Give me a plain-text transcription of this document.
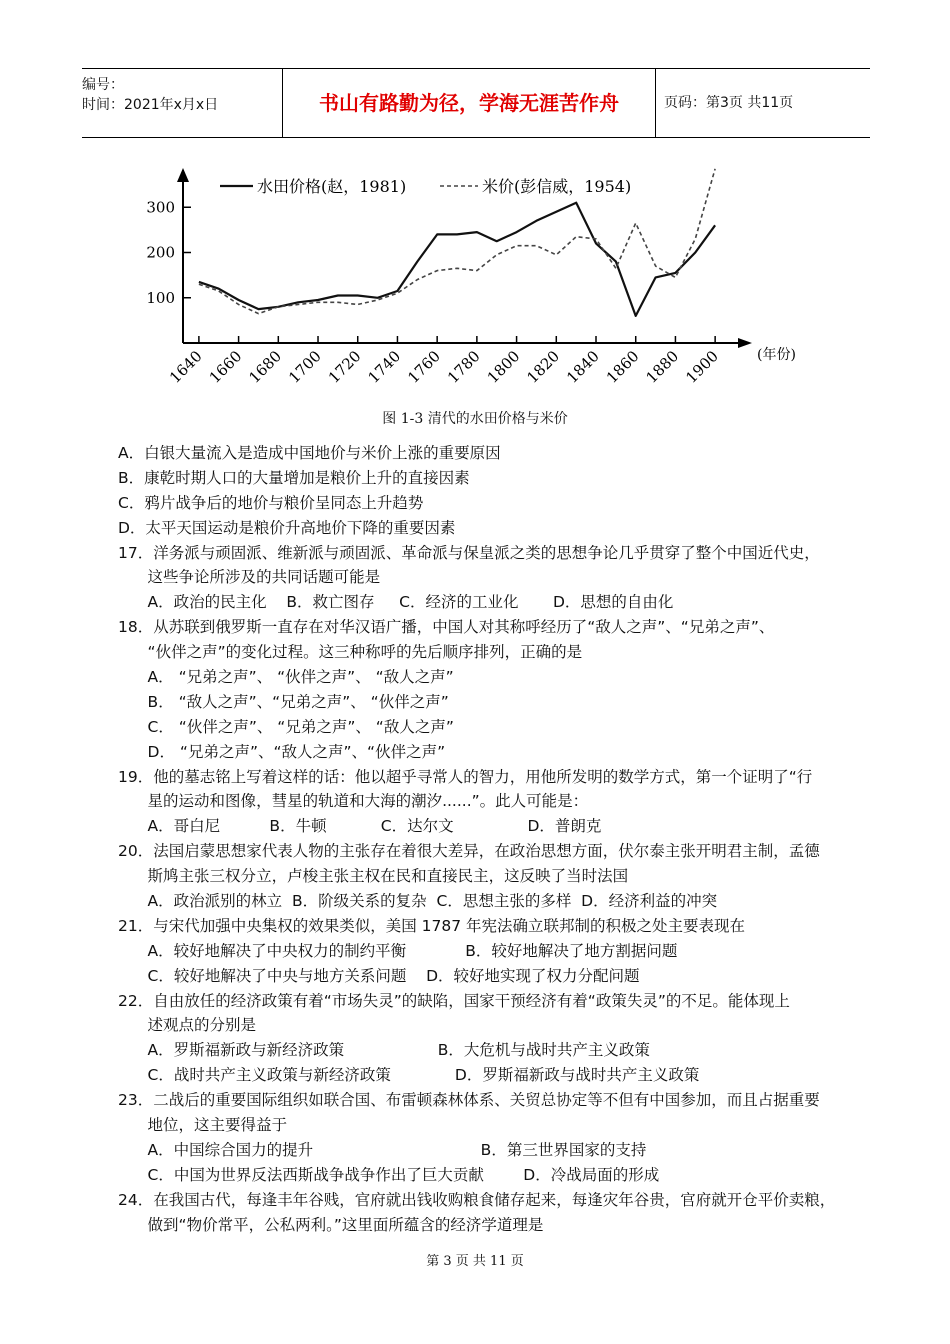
编号：
时间：2021年x月x日	书山有路勤为径，学海无涯苦作舟	页码：第3页 共11页
100
200
300
1640 1660 1680 1700 1720 1740 1760 1780 1800 1820 1840 1860 1880 1900	(年份)
水田价格(赵，1981)	米价(彭信威，1954)
图 1-3 清代的水田价格与米价
A．白银大量流入是造成中国地价与米价上涨的重要原因
B．康乾时期人口的大量增加是粮价上升的直接因素
C．鸦片战争后的地价与粮价呈同态上升趋势
D．太平天国运动是粮价升高地价下降的重要因素
17．洋务派与顽固派、维新派与顽固派、革命派与保皇派之类的思想争论几乎贯穿了整个中国近代史，
这些争论所涉及的共同话题可能是
A．政治的民主化    B．救亡图存     C．经济的工业化       D．思想的自由化
18．从苏联到俄罗斯一直存在对华汉语广播，中国人对其称呼经历了“敌人之声”、“兄弟之声”、
“伙伴之声”的变化过程。这三种称呼的先后顺序排列，正确的是
A． “兄弟之声”、 “伙伴之声”、 “敌人之声”
B． “敌人之声”、“兄弟之声”、 “伙伴之声”
C． “伙伴之声”、 “兄弟之声”、 “敌人之声”
D． “兄弟之声”、“敌人之声”、“伙伴之声”
19．他的墓志铭上写着这样的话：他以超乎寻常人的智力，用他所发明的数学方式，第一个证明了“行
星的运动和图像，彗星的轨道和大海的潮汐......”。此人可能是：
A．哥白尼          B．牛顿           C．达尔文               D．普朗克
20．法国启蒙思想家代表人物的主张存在着很大差异，在政治思想方面，伏尔泰主张开明君主制，孟德
斯鸠主张三权分立，卢梭主张主权在民和直接民主，这反映了当时法国
A．政治派别的林立  B．阶级关系的复杂  C．思想主张的多样  D．经济利益的冲突
21．与宋代加强中央集权的效果类似，美国 1787 年宪法确立联邦制的积极之处主要表现在
A．较好地解决了中央权力的制约平衡            B．较好地解决了地方割据问题
C．较好地解决了中央与地方关系问题    D．较好地实现了权力分配问题
22．自由放任的经济政策有着“市场失灵”的缺陷，国家干预经济有着“政策失灵”的不足。能体现上
述观点的分别是
A．罗斯福新政与新经济政策                   B．大危机与战时共产主义政策
C．战时共产主义政策与新经济政策             D．罗斯福新政与战时共产主义政策
23．二战后的重要国际组织如联合国、布雷顿森林体系、关贸总协定等不但有中国参加，而且占据重要
地位，这主要得益于
A．中国综合国力的提升                                  B．第三世界国家的支持
C．中国为世界反法西斯战争战争作出了巨大贡献        D．冷战局面的形成
24．在我国古代，每逢丰年谷贱，官府就出钱收购粮食储存起来，每逢灾年谷贵，官府就开仓平价卖粮，
做到“物价常平，公私两利。”这里面所蕴含的经济学道理是
第 3 页 共 11 页
